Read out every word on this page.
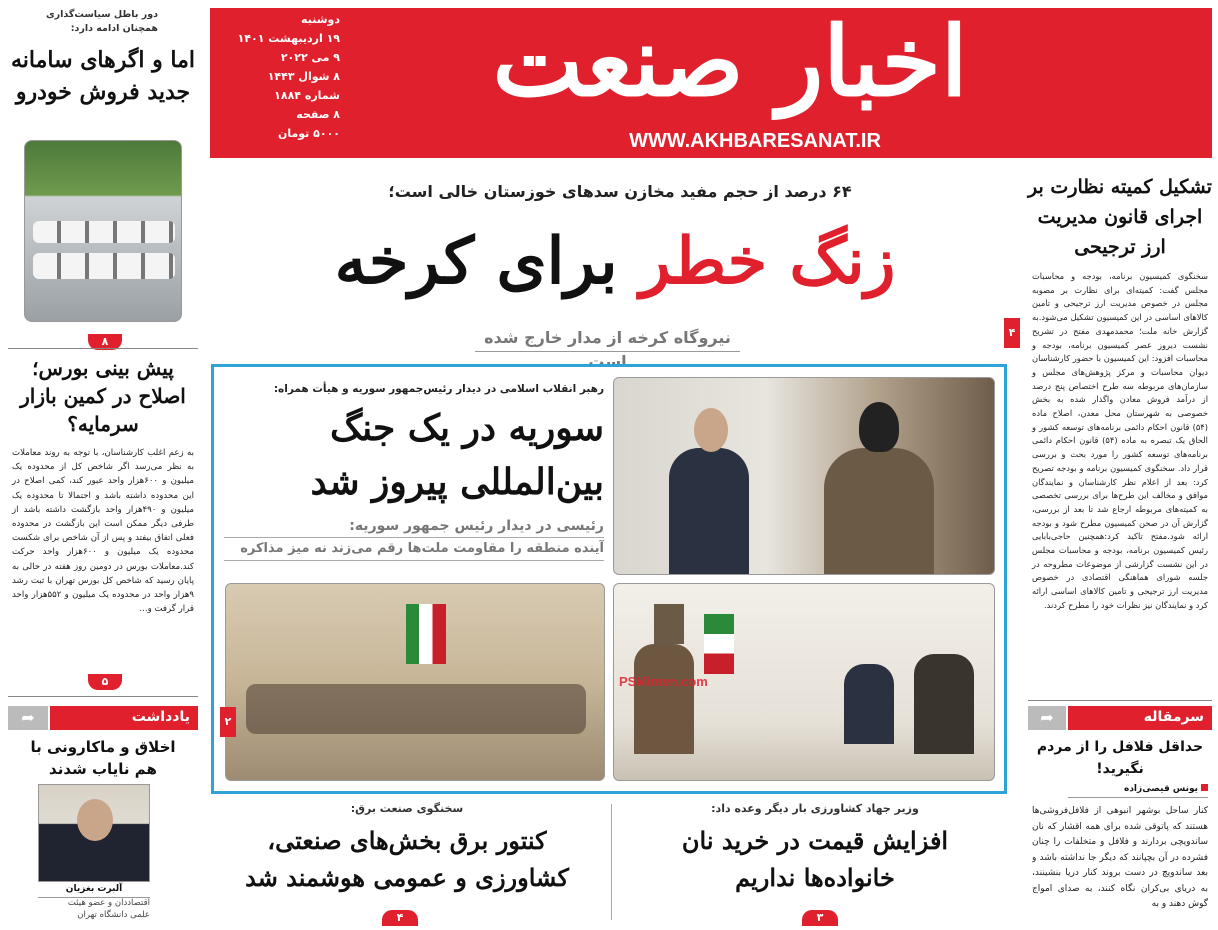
اخبار صنعت
WWW.AKHBARESANAT.IR
دوشنبه
۱۹ اردیبهشت ۱۴۰۱
۹ می ۲۰۲۲
۸ شوال ۱۴۴۳
شماره ۱۸۸۴
۸ صفحه
۵۰۰۰ تومان
۶۴ درصد از حجم مفید مخازن سدهای خوزستان خالی است؛
زنگ خطر برای کرخه
نیروگاه کرخه از مدار خارج شده است
۴
رهبر انقلاب اسلامی در دیدار رئیس‌جمهور سوریه و هیأت همراه:
سوریه در یک جنگ
بین‌المللی پیروز شد
رئیسی در دیدار رئیس جمهور سوریه:
آینده منطقه را مقاومت ملت‌ها رقم می‌زند نه میز مذاکره
۲
PSMimen.com
دور باطل سیاست‌گذاری همچنان ادامه دارد:
اما و اگرهای سامانه جدید فروش خودرو
۸
پیش بینی بورس؛ اصلاح در کمین بازار سرمایه؟
به زعم اغلب کارشناسان، با توجه به روند معاملات به نظر می‌رسد اگر شاخص کل از محدوده یک میلیون و ۶۰۰هزار واحد عبور کند، کمی اصلاح در این محدوده داشته باشد و احتمالا تا محدوده یک میلیون و ۴۹۰هزار واحد بازگشت داشته باشد از طرفی دیگر ممکن است این بازگشت در محدوده فعلی اتفاق بیفتد و پس از آن شاخص برای شکست محدوده یک میلیون و ۶۰۰هزار واحد حرکت کند.معاملات بورس در دومین روز هفته در حالی به پایان رسید که شاخص کل بورس تهران با ثبت رشد ۹هزار واحد در محدوده یک میلیون و ۵۵۲هزار واحد قرار گرفت و...
۵
➦	یادداشت
اخلاق و ماکارونی با هم نایاب شدند
آلبرت بغزیان
اقتصاددان و عضو هیئت
علمی دانشگاه تهران
تشکیل کمیته نظارت بر اجرای قانون مدیریت ارز ترجیحی
سخنگوی کمیسیون برنامه، بودجه و محاسبات مجلس گفت: کمیته‌ای برای نظارت بر مصوبه مجلس در خصوص مدیریت ارز ترجیحی و تامین کالاهای اساسی در این کمیسیون تشکیل می‌شود.به گزارش خانه ملت؛ محمدمهدی مفتح در تشریح نشست دیروز عصر کمیسیون برنامه، بودجه و محاسبات افزود: این کمیسیون با حضور کارشناسان دیوان محاسبات و مرکز پژوهش‌های مجلس و سازمان‌های مربوطه سه طرح اختصاص پنج درصد از درآمد فروش معادن واگذار شده به بخش خصوصی به شهرستان محل معدن، اصلاح ماده (۵۴) قانون احکام دائمی برنامه‌های توسعه کشور و الحاق یک تبصره به ماده (۵۴) قانون احکام دائمی برنامه‌های توسعه کشور را مورد بحث و بررسی قرار داد. سخنگوی کمیسیون برنامه و بودجه تصریح کرد: بعد از اعلام نظر کارشناسان و نمایندگان موافق و مخالف این طرح‌ها برای بررسی تخصصی به کمیته‌های مربوطه ارجاع شد تا بعد از بررسی، گزارش آن در صحن کمیسیون مطرح شود و بودجه ارائه شود.مفتح تاکید کرد:همچنین حاجی‌بابایی رئیس کمیسیون برنامه، بودجه و محاسبات مجلس در این نشست گزارشی از موضوعات مطروحه در جلسه شورای هماهنگی اقتصادی در خصوص مدیریت ارز ترجیحی و تامین کالاهای اساسی ارائه کرد و نمایندگان نیز نظرات خود را مطرح کردند.
➦	سرمقاله
حداقل فلافل را از مردم نگیرید!
یونس قیصی‌زاده
کنار ساحل بوشهر انبوهی از فلافل‌فروشی‌ها هستند که پاتوقی شده برای همه اقشار که نان ساندویچی بردارند و فلافل و متخلفات را چنان فشرده در آن بچپانند که دیگر جا نداشته باشد و بعد ساندویچ در دست بروند کنار دریا بنشینند، به دریای بی‌کران نگاه کنند، به صدای امواج گوش دهند و به
سخنگوی صنعت برق:
کنتور برق بخش‌های صنعتی،
کشاورزی و عمومی هوشمند شد
۴
وزیر جهاد کشاورزی بار دیگر وعده داد:
افزایش قیمت در خرید نان
خانواده‌ها نداریم
۳
